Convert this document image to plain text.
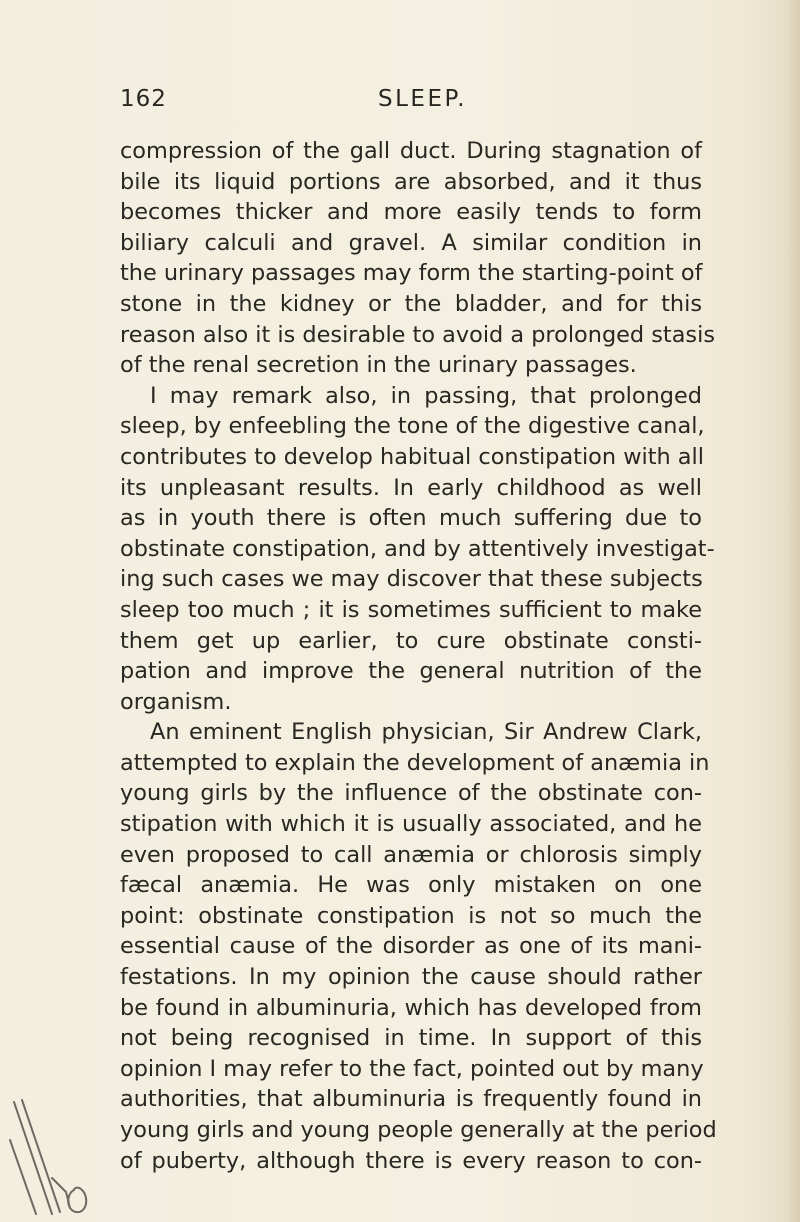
162	SLEEP.
compression of the gall duct. During stagnation of
bile its liquid portions are absorbed, and it thus
becomes thicker and more easily tends to form
biliary calculi and gravel. A similar condition in
the urinary passages may form the starting-point of
stone in the kidney or the bladder, and for this
reason also it is desirable to avoid a prolonged stasis
of the renal secretion in the urinary passages.
I may remark also, in passing, that prolonged
sleep, by enfeebling the tone of the digestive canal,
contributes to develop habitual constipation with all
its unpleasant results. In early childhood as well
as in youth there is often much suffering due to
obstinate constipation, and by attentively investigat-
ing such cases we may discover that these subjects
sleep too much ; it is sometimes sufficient to make
them get up earlier, to cure obstinate consti-
pation and improve the general nutrition of the
organism.
An eminent English physician, Sir Andrew Clark,
attempted to explain the development of anæmia in
young girls by the influence of the obstinate con-
stipation with which it is usually associated, and he
even proposed to call anæmia or chlorosis simply
fæcal anæmia. He was only mistaken on one
point: obstinate constipation is not so much the
essential cause of the disorder as one of its mani-
festations. In my opinion the cause should rather
be found in albuminuria, which has developed from
not being recognised in time. In support of this
opinion I may refer to the fact, pointed out by many
authorities, that albuminuria is frequently found in
young girls and young people generally at the period
of puberty, although there is every reason to con-
